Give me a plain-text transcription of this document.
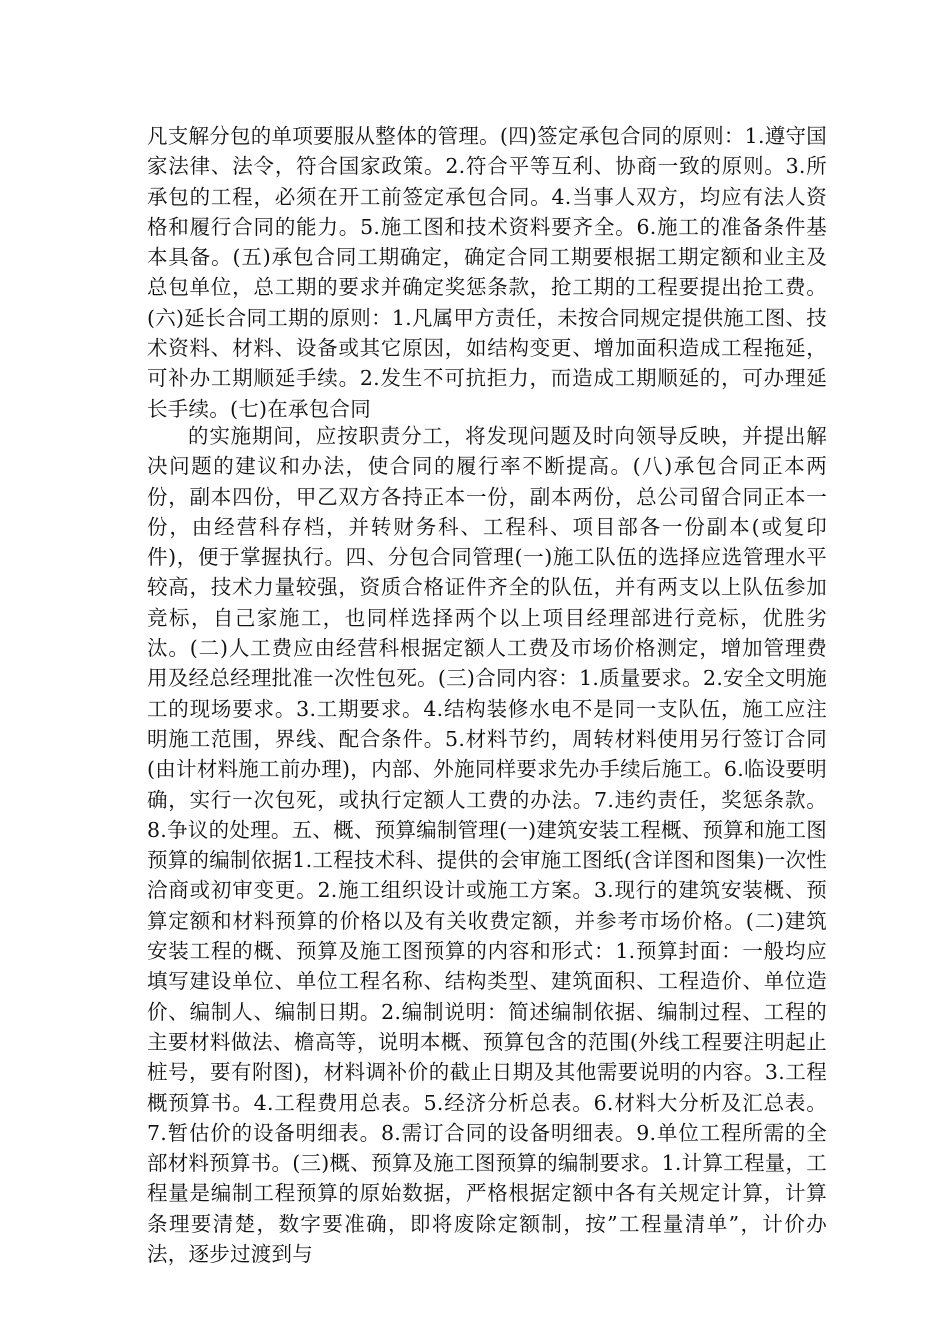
凡支解分包的单项要服从整体的管理。(四)签定承包合同的原则：1.遵守国家法律、法令，符合国家政策。2.符合平等互利、协商一致的原则。3.所承包的工程，必须在开工前签定承包合同。4.当事人双方，均应有法人资格和履行合同的能力。5.施工图和技术资料要齐全。6.施工的准备条件基本具备。(五)承包合同工期确定，确定合同工期要根据工期定额和业主及总包单位，总工期的要求并确定奖惩条款，抢工期的工程要提出抢工费。(六)延长合同工期的原则：1.凡属甲方责任，未按合同规定提供施工图、技术资料、材料、设备或其它原因，如结构变更、增加面积造成工程拖延，可补办工期顺延手续。2.发生不可抗拒力，而造成工期顺延的，可办理延长手续。(七)在承包合同

的实施期间，应按职责分工，将发现问题及时向领导反映，并提出解决问题的建议和办法，使合同的履行率不断提高。(八)承包合同正本两份，副本四份，甲乙双方各持正本一份，副本两份，总公司留合同正本一份，由经营科存档，并转财务科、工程科、项目部各一份副本(或复印件)，便于掌握执行。四、分包合同管理(一)施工队伍的选择应选管理水平较高，技术力量较强，资质合格证件齐全的队伍，并有两支以上队伍参加竞标，自己家施工，也同样选择两个以上项目经理部进行竞标，优胜劣汰。(二)人工费应由经营科根据定额人工费及市场价格测定，增加管理费用及经总经理批准一次性包死。(三)合同内容：1.质量要求。2.安全文明施工的现场要求。3.工期要求。4.结构装修水电不是同一支队伍，施工应注明施工范围，界线、配合条件。5.材料节约，周转材料使用另行签订合同(由计材料施工前办理)，内部、外施同样要求先办手续后施工。6.临设要明确，实行一次包死，或执行定额人工费的办法。7.违约责任，奖惩条款。8.争议的处理。五、概、预算编制管理(一)建筑安装工程概、预算和施工图预算的编制依据1.工程技术科、提供的会审施工图纸(含详图和图集)一次性洽商或初审变更。2.施工组织设计或施工方案。3.现行的建筑安装概、预算定额和材料预算的价格以及有关收费定额，并参考市场价格。(二)建筑安装工程的概、预算及施工图预算的内容和形式：1.预算封面：一般均应填写建设单位、单位工程名称、结构类型、建筑面积、工程造价、单位造价、编制人、编制日期。2.编制说明：简述编制依据、编制过程、工程的主要材料做法、檐高等，说明本概、预算包含的范围(外线工程要注明起止桩号，要有附图)，材料调补价的截止日期及其他需要说明的内容。3.工程概预算书。4.工程费用总表。5.经济分析总表。6.材料大分析及汇总表。7.暂估价的设备明细表。8.需订合同的设备明细表。9.单位工程所需的全部材料预算书。(三)概、预算及施工图预算的编制要求。1.计算工程量，工程量是编制工程预算的原始数据，严格根据定额中各有关规定计算，计算条理要清楚，数字要准确，即将废除定额制，按”工程量清单”，计价办法，逐步过渡到与
